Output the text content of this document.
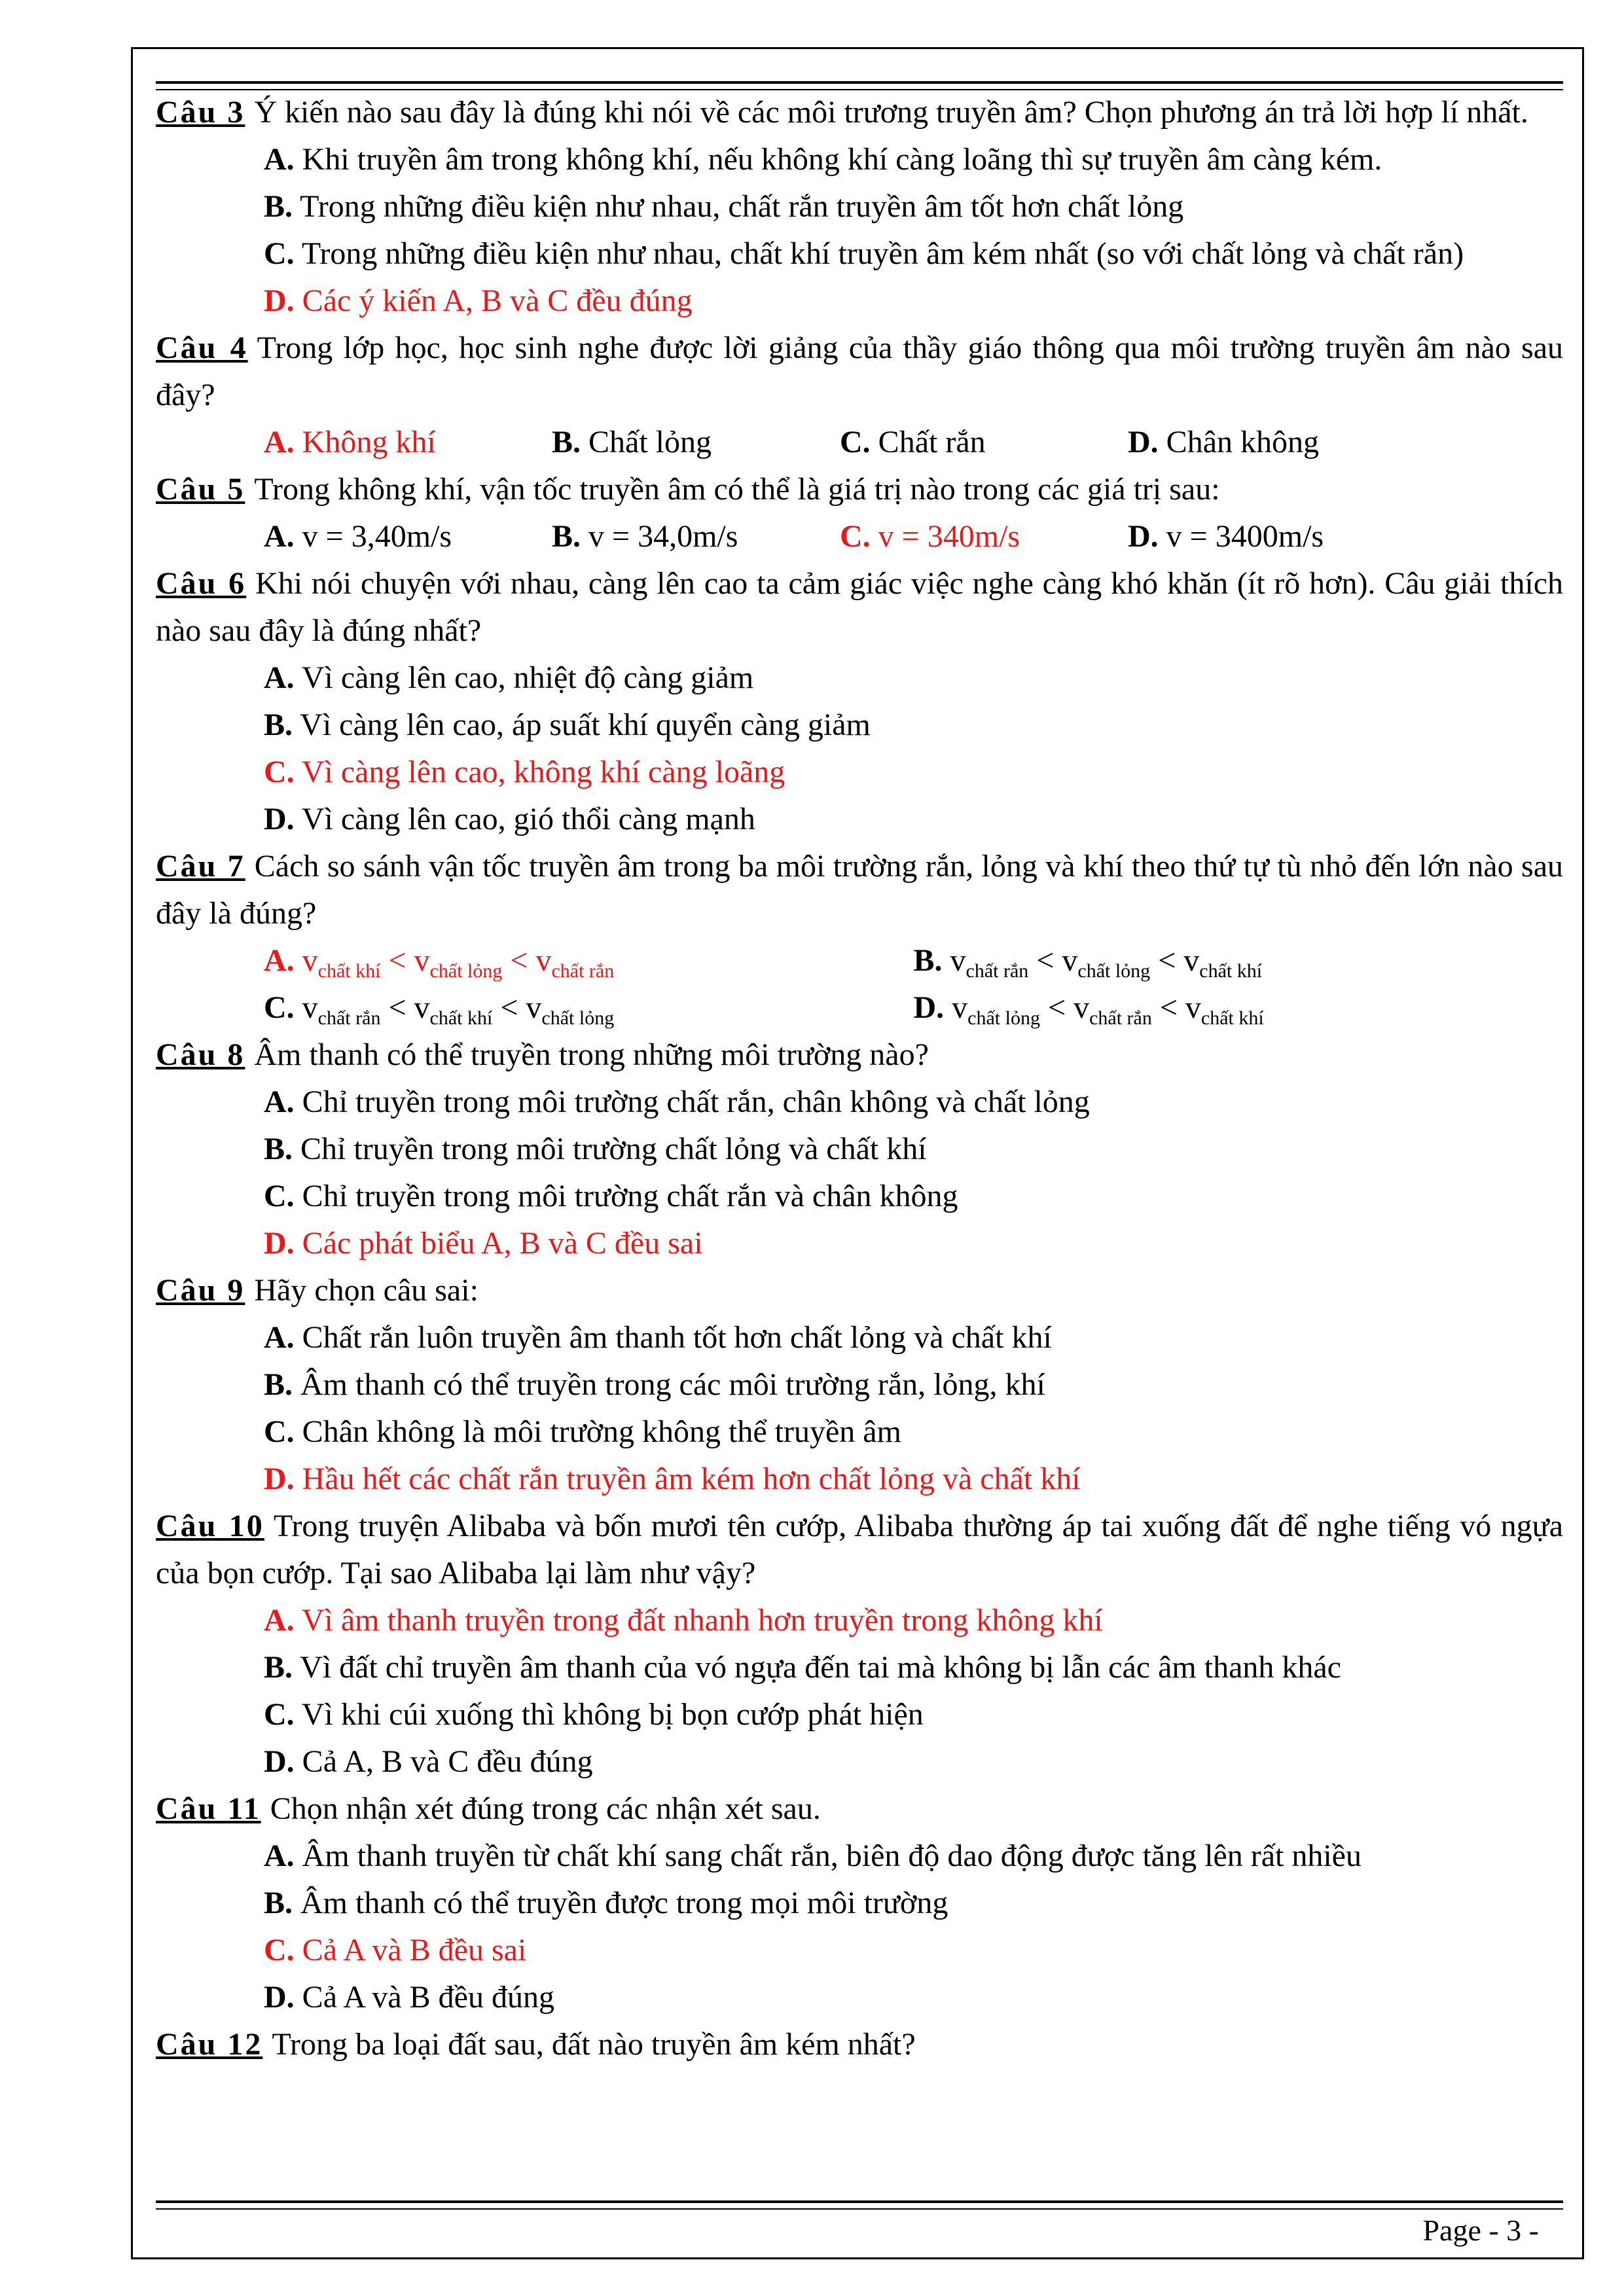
Câu 3 Ý kiến nào sau đây là đúng khi nói về các môi trương truyền âm? Chọn phương án trả lời hợp lí nhất.
A. Khi truyền âm trong không khí, nếu không khí càng loãng thì sự truyền âm càng kém.
B. Trong những điều kiện như nhau, chất rắn truyền âm tốt hơn chất lỏng
C. Trong những điều kiện như nhau, chất khí truyền âm kém nhất (so với chất lỏng và chất rắn)
D. Các ý kiến A, B và C đều đúng
Câu 4 Trong lớp học, học sinh nghe được lời giảng của thầy giáo thông qua môi trường truyền âm nào sau đây?
A. Không khí	B. Chất lỏng	C. Chất rắn	D. Chân không
Câu 5 Trong không khí, vận tốc truyền âm có thể là giá trị nào trong các giá trị sau:
A. v = 3,40m/s	B. v = 34,0m/s	C. v = 340m/s	D. v = 3400m/s
Câu 6 Khi nói chuyện với nhau, càng lên cao ta cảm giác việc nghe càng khó khăn (ít rõ hơn). Câu giải thích nào sau đây là đúng nhất?
A. Vì càng lên cao, nhiệt độ càng giảm
B. Vì càng lên cao, áp suất khí quyển càng giảm
C. Vì càng lên cao, không khí càng loãng
D. Vì càng lên cao, gió thổi càng mạnh
Câu 7 Cách so sánh vận tốc truyền âm trong ba môi trường rắn, lỏng và khí theo thứ tự tù nhỏ đến lớn nào sau đây là đúng?
A. $v_{chất khí} < v_{chất lỏng} < v_{chất rắn}$	B. $v_{chất rắn} < v_{chất lỏng} < v_{chất khí}$
C. $v_{chất rắn} < v_{chất khí} < v_{chất lỏng}$	D. $v_{chất lỏng} < v_{chất rắn} < v_{chất khí}$
Câu 8 Âm thanh có thể truyền trong những môi trường nào?
A. Chỉ truyền trong môi trường chất rắn, chân không và chất lỏng
B. Chỉ truyền trong môi trường chất lỏng và chất khí
C. Chỉ truyền trong môi trường chất rắn và chân không
D. Các phát biểu A, B và C đều sai
Câu 9 Hãy chọn câu sai:
A. Chất rắn luôn truyền âm thanh tốt hơn chất lỏng và chất khí
B. Âm thanh có thể truyền trong các môi trường rắn, lỏng, khí
C. Chân không là môi trường không thể truyền âm
D. Hầu hết các chất rắn truyền âm kém hơn chất lỏng và chất khí
Câu 10 Trong truyện Alibaba và bốn mươi tên cướp, Alibaba thường áp tai xuống đất để nghe tiếng vó ngựa của bọn cướp. Tại sao Alibaba lại làm như vậy?
A. Vì âm thanh truyền trong đất nhanh hơn truyền trong không khí
B. Vì đất chỉ truyền âm thanh của vó ngựa đến tai mà không bị lẫn các âm thanh khác
C. Vì khi cúi xuống thì không bị bọn cướp phát hiện
D. Cả A, B và C đều đúng
Câu 11 Chọn nhận xét đúng trong các nhận xét sau.
A. Âm thanh truyền từ chất khí sang chất rắn, biên độ dao động được tăng lên rất nhiều
B. Âm thanh có thể truyền được trong mọi môi trường
C. Cả A và B đều sai
D. Cả A và B đều đúng
Câu 12 Trong ba loại đất sau, đất nào truyền âm kém nhất?
Page - 3 -
